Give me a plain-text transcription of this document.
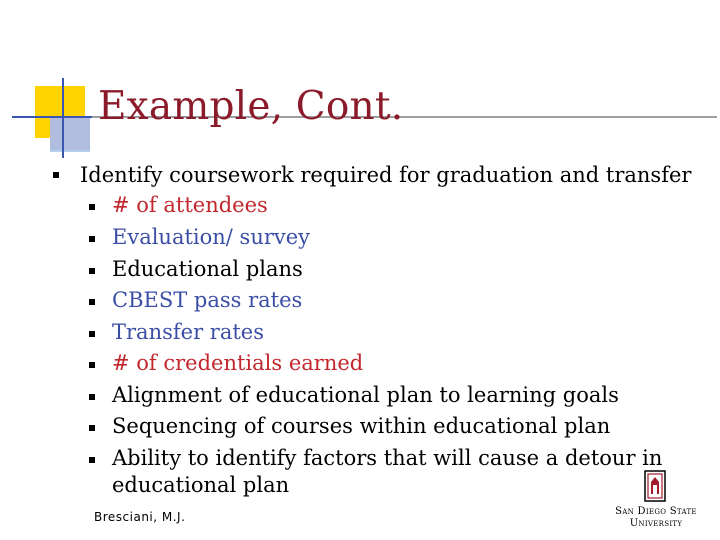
Example, Cont.
Identify coursework required for graduation and transfer
# of attendees
Evaluation/ survey
Educational plans
CBEST pass rates
Transfer rates
# of credentials earned
Alignment of educational plan to learning goals
Sequencing of courses within educational plan
Ability to identify factors that will cause a detour in
educational plan
Bresciani, M.J.	San Diego State
University
